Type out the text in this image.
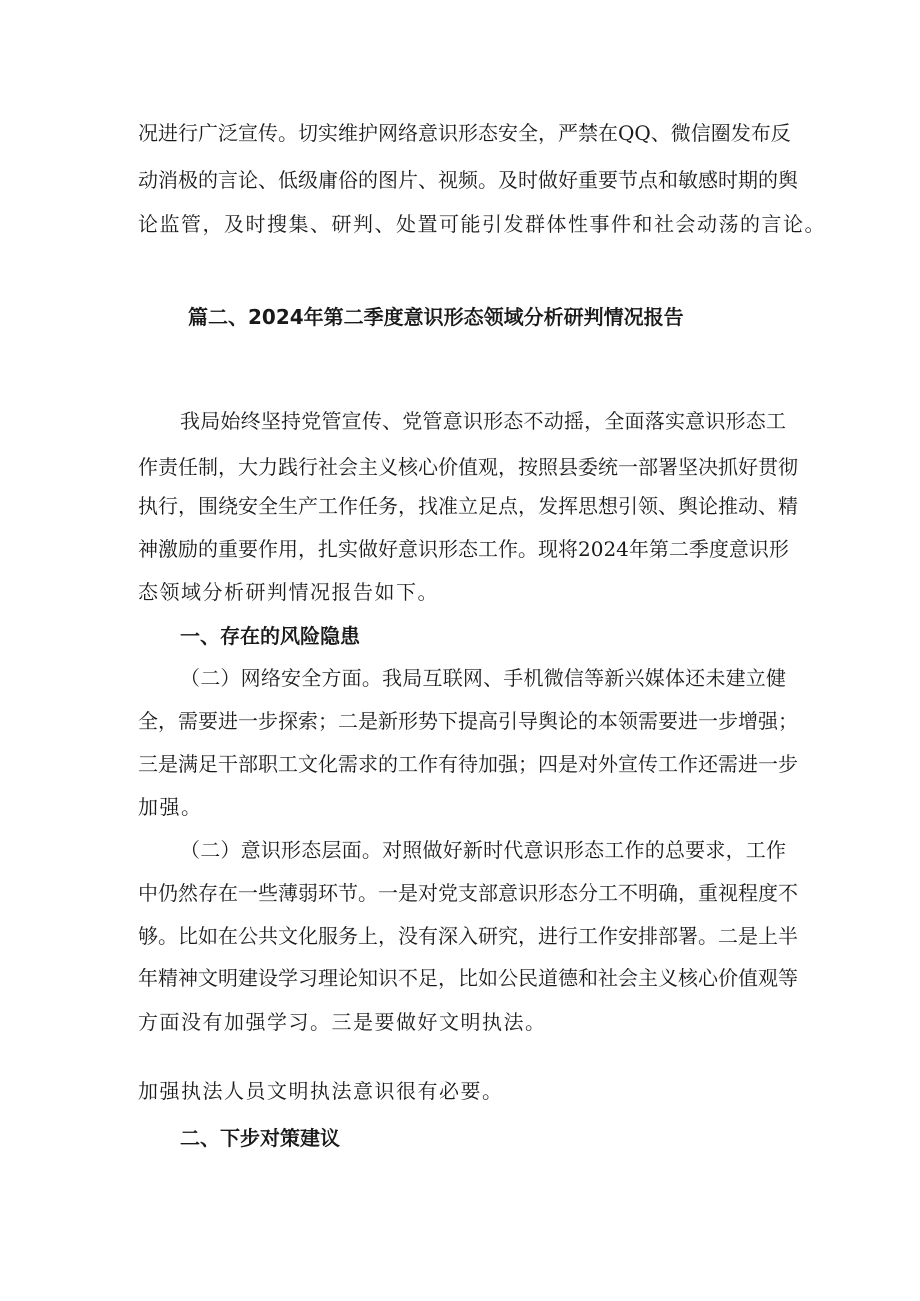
况进行广泛宣传。切实维护网络意识形态安全，严禁在QQ、微信圈发布反
动消极的言论、低级庸俗的图片、视频。及时做好重要节点和敏感时期的舆
论监管，及时搜集、研判、处置可能引发群体性事件和社会动荡的言论。
篇二、2024年第二季度意识形态领域分析研判情况报告
我局始终坚持党管宣传、党管意识形态不动摇，全面落实意识形态工
作责任制，大力践行社会主义核心价值观，按照县委统一部署坚决抓好贯彻
执行，围绕安全生产工作任务，找准立足点，发挥思想引领、舆论推动、精
神激励的重要作用，扎实做好意识形态工作。现将2024年第二季度意识形
态领域分析研判情况报告如下。
一、存在的风险隐患
（二）网络安全方面。我局互联网、手机微信等新兴媒体还未建立健
全，需要进一步探索；二是新形势下提高引导舆论的本领需要进一步增强；
三是满足干部职工文化需求的工作有待加强；四是对外宣传工作还需进一步
加强。
（二）意识形态层面。对照做好新时代意识形态工作的总要求，工作
中仍然存在一些薄弱环节。一是对党支部意识形态分工不明确，重视程度不
够。比如在公共文化服务上，没有深入研究，进行工作安排部署。二是上半
年精神文明建设学习理论知识不足，比如公民道德和社会主义核心价值观等
方面没有加强学习。三是要做好文明执法。
加强执法人员文明执法意识很有必要。
二、下步对策建议
